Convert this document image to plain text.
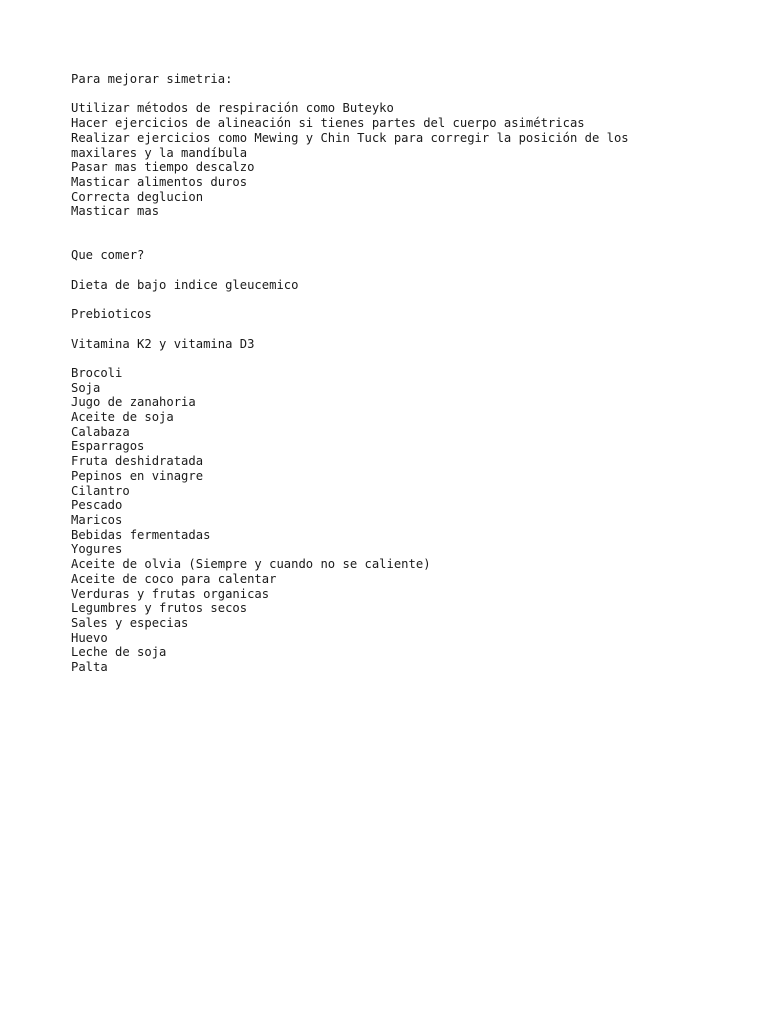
Para mejorar simetria:
Utilizar métodos de respiración como Buteyko
Hacer ejercicios de alineación si tienes partes del cuerpo asimétricas
Realizar ejercicios como Mewing y Chin Tuck para corregir la posición de los
maxilares y la mandíbula
Pasar mas tiempo descalzo
Masticar alimentos duros
Correcta deglucion
Masticar mas
Que comer?
Dieta de bajo indice gleucemico
Prebioticos
Vitamina K2 y vitamina D3
Brocoli
Soja
Jugo de zanahoria
Aceite de soja
Calabaza
Esparragos
Fruta deshidratada
Pepinos en vinagre
Cilantro
Pescado
Maricos
Bebidas fermentadas
Yogures
Aceite de olvia (Siempre y cuando no se caliente)
Aceite de coco para calentar
Verduras y frutas organicas
Legumbres y frutos secos
Sales y especias
Huevo
Leche de soja
Palta
